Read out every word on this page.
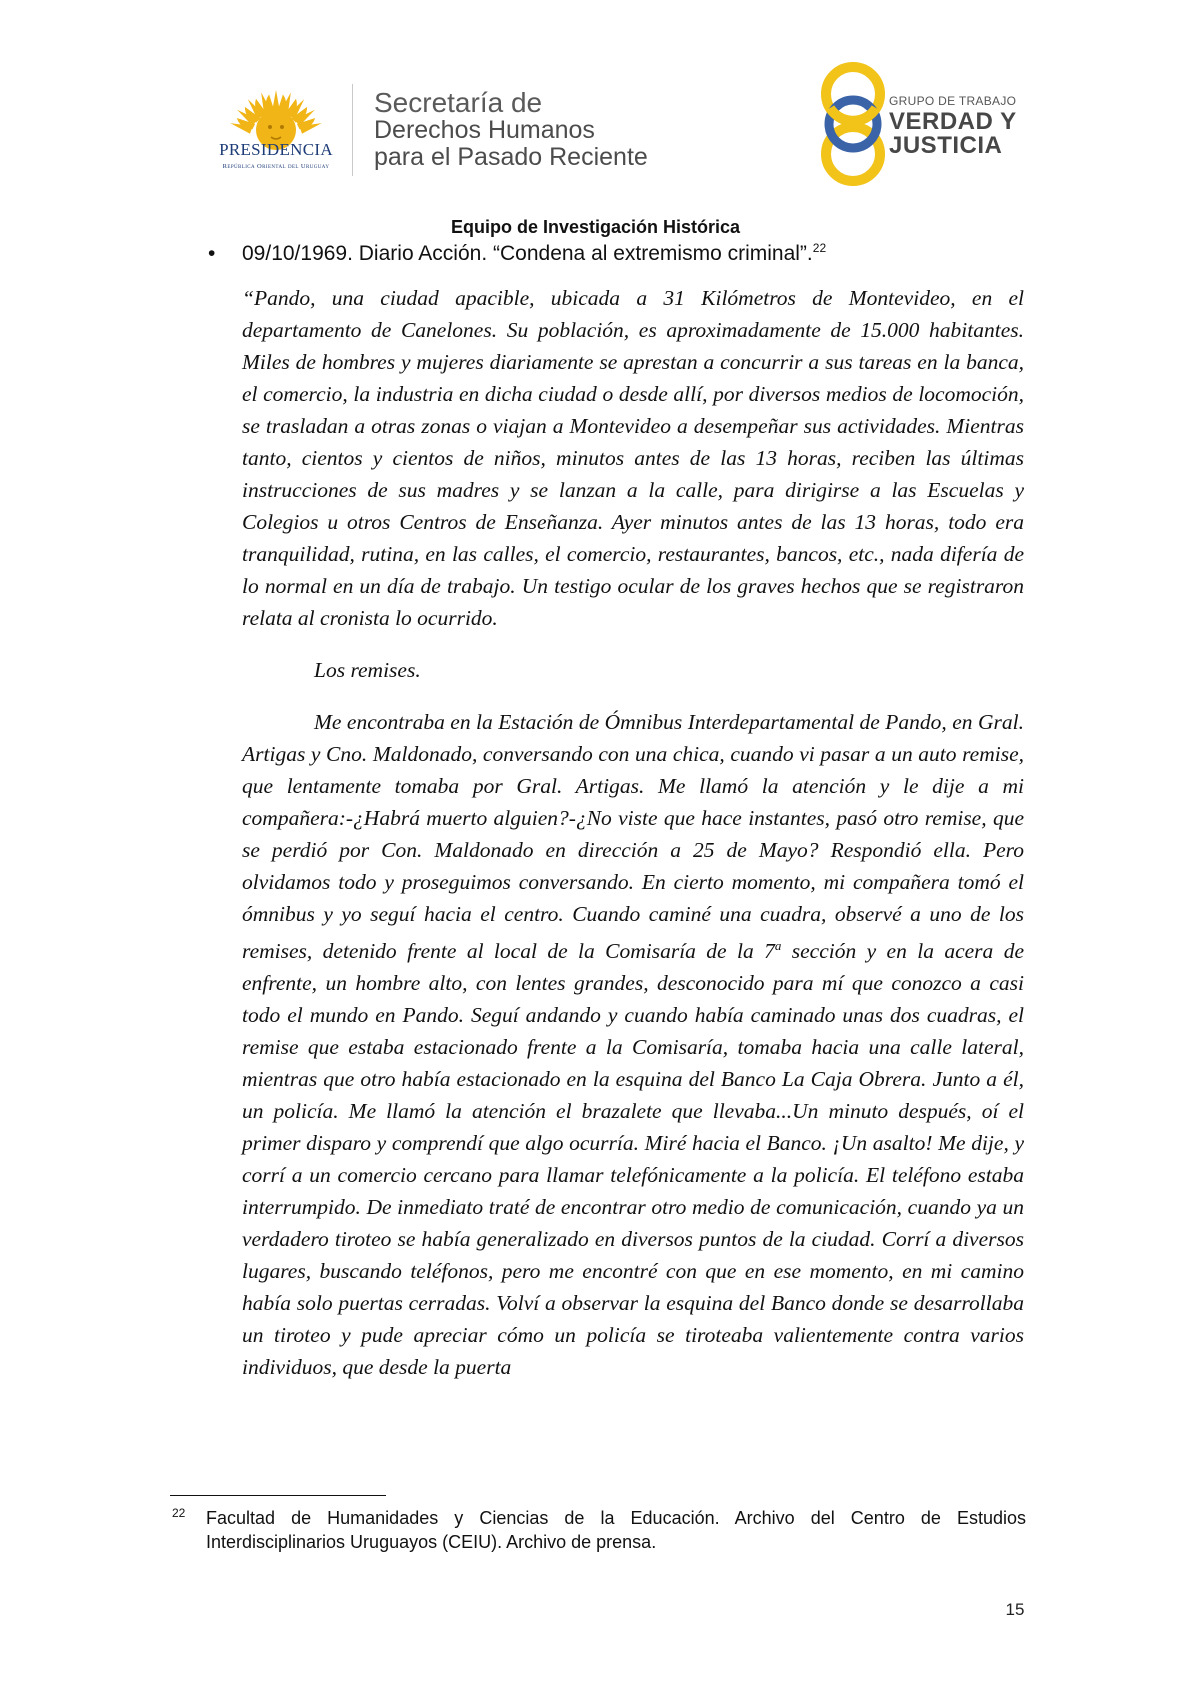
PRESIDENCIA
República Oriental del Uruguay
Secretaría de
Derechos Humanos
para el Pasado Reciente
GRUPO DE TRABAJO
VERDAD Y
JUSTICIA
Equipo de Investigación Histórica
• 09/10/1969. Diario Acción. “Condena al extremismo criminal”.$^{22}$

“Pando, una ciudad apacible, ubicada a 31 Kilómetros de Montevideo, en el departamento de Canelones. Su población, es aproximadamente de 15.000 habitantes. Miles de hombres y mujeres diariamente se aprestan a concurrir a sus tareas en la banca, el comercio, la industria en dicha ciudad o desde allí, por diversos medios de locomoción, se trasladan a otras zonas o viajan a Montevideo a desempeñar sus actividades. Mientras tanto, cientos y cientos de niños, minutos antes de las 13 horas, reciben las últimas instrucciones de sus madres y se lanzan a la calle, para dirigirse a las Escuelas y Colegios u otros Centros de Enseñanza. Ayer minutos antes de las 13 horas, todo era tranquilidad, rutina, en las calles, el comercio, restaurantes, bancos, etc., nada difería de lo normal en un día de trabajo. Un testigo ocular de los graves hechos que se registraron relata al cronista lo ocurrido.

Los remises.

Me encontraba en la Estación de Ómnibus Interdepartamental de Pando, en Gral. Artigas y Cno. Maldonado, conversando con una chica, cuando vi pasar a un auto remise, que lentamente tomaba por Gral. Artigas. Me llamó la atención y le dije a mi compañera:-¿Habrá muerto alguien?-¿No viste que hace instantes, pasó otro remise, que se perdió por Con. Maldonado en dirección a 25 de Mayo? Respondió ella. Pero olvidamos todo y proseguimos conversando. En cierto momento, mi compañera tomó el ómnibus y yo seguí hacia el centro. Cuando caminé una cuadra, observé a uno de los remises, detenido frente al local de la Comisaría de la 7$^a$ sección y en la acera de enfrente, un hombre alto, con lentes grandes, desconocido para mí que conozco a casi todo el mundo en Pando. Seguí andando y cuando había caminado unas dos cuadras, el remise que estaba estacionado frente a la Comisaría, tomaba hacia una calle lateral, mientras que otro había estacionado en la esquina del Banco La Caja Obrera. Junto a él, un policía. Me llamó la atención el brazalete que llevaba...Un minuto después, oí el primer disparo y comprendí que algo ocurría. Miré hacia el Banco. ¡Un asalto! Me dije, y corrí a un comercio cercano para llamar telefónicamente a la policía. El teléfono estaba interrumpido. De inmediato traté de encontrar otro medio de comunicación, cuando ya un verdadero tiroteo se había generalizado en diversos puntos de la ciudad. Corrí a diversos lugares, buscando teléfonos, pero me encontré con que en ese momento, en mi camino había solo puertas cerradas. Volví a observar la esquina del Banco donde se desarrollaba un tiroteo y pude apreciar cómo un policía se tiroteaba valientemente contra varios individuos, que desde la puerta

22 Facultad de Humanidades y Ciencias de la Educación. Archivo del Centro de Estudios Interdisciplinarios Uruguayos (CEIU). Archivo de prensa.
15
